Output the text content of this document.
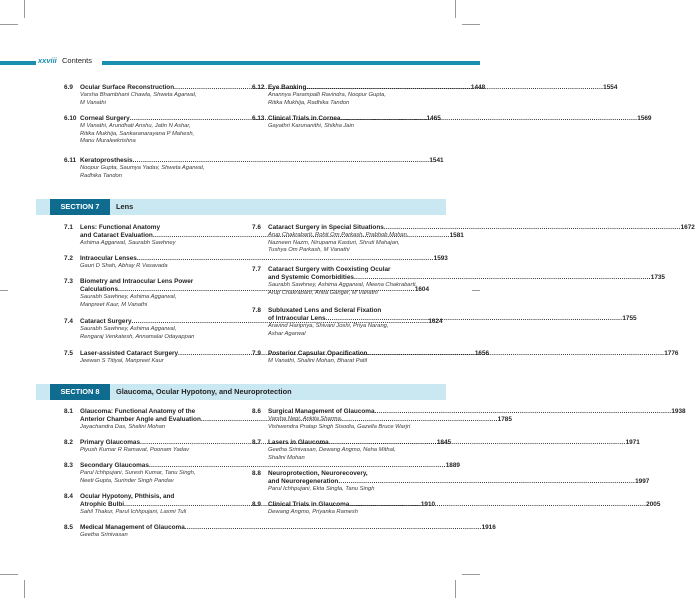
xxviii Contents
6.9	Ocular Surface Reconstruction .....	1448
Varsha Bhambhani Chawla, Shweta Agarwal,
M Vanathi
6.10 Corneal Surgery .....	1465
M Vanathi, Arundhati Anshu, Jatin N Ashar,
Ritika Mukhija, Sankaranarayana P Mahesh,
Manu Muraleekrishna
6.11 Keratoprosthesis .....	1541
Noopur Gupta, Saumya Yadav, Shweta Agarwal,
Radhika Tandon
6.12 Eye Banking .....	1554
Anannya Parampalli Ravindra, Noopur Gupta,
Ritika Mukhija, Radhika Tandon
6.13 Clinical Trials in Cornea .....	1569
Gayathri Karunanithi, Shikha Jain
SECTION 7	Lens
7.1	Lens: Functional Anatomy
and Cataract Evaluation .....	1581
Ashima Aggarwal, Saurabh Sawhney
7.2	Intraocular Lenses .....	1593
Gauri D Shah, Abhay R Vasavada
7.3	Biometry and Intraocular Lens Power
Calculations .....	1604
Saurabh Sawhney, Ashima Aggarwal,
Manpreet Kaur, M Vanathi
7.4	Cataract Surgery .....	1624
Saurabh Sawhney, Ashima Aggarwal,
Rengaraj Venkatesh, Annamalai Odayappan
7.5	Laser-assisted Cataract Surgery .....	1656
Jeewan S Titiyal, Manpreet Kaur
7.6	Cataract Surgery in Special Situations .....	1672
Arup Chakrabarti, Rohit Om Parkash, Prabhob Mohan,
Nazneen Nazm, Nirupama Kasturi, Shruti Mahajan,
Tushya Om Parkash, M Vanathi
7.7	Cataract Surgery with Coexisting Ocular
and Systemic Comorbidities .....	1735
Saurabh Sawhney, Ashima Aggarwal, Meena Chakrabarti,
Arup Chakrabarti, Anita Ganger, M Vanathi
7.8	Subluxated Lens and Scleral Fixation
of Intraocular Lens .....	1755
Aravind Haripriya, Shivani Joshi, Priya Narang,
Ashar Agarwal
7.9	Posterior Capsular Opacification .....	1776
M Vanathi, Shalini Mohan, Bharat Patil
SECTION 8	Glaucoma, Ocular Hypotony, and Neuroprotection
8.1	Glaucoma: Functional Anatomy of the
Anterior Chamber Angle and Evaluation .....	1785
Jayachandra Das, Shalini Mohan
8.2	Primary Glaucomas .....	1845
Piyush Kumar R Ramavat, Poonam Yadav
8.3	Secondary Glaucomas .....	1889
Parul Ichhpujani, Suresh Kumar, Tanu Singh,
Neeti Gupta, Surinder Singh Pandav
8.4	Ocular Hypotony, Phthisis, and
Atrophic Bulbi .....	1910
Sahil Thakur, Parul Ichhpujani, Laxmi Tuli
8.5	Medical Management of Glaucoma .....	1916
Geetha Srinivasan
8.6	Surgical Management of Glaucoma .....	1938
Varsha Negi, Ankita Sharma,
Vishwendra Pratap Singh Sisodia, Gazella Bruce Warjri
8.7	Lasers in Glaucoma .....	1971
Geetha Srinivasan, Dewang Angmo, Neha Mithal,
Shalini Mohan
8.8	Neuroprotection, Neurorecovery,
and Neuroregeneration .....	1997
Parul Ichhpujani, Ekta Singla, Tanu Singh
8.9	Clinical Trials in Glaucoma .....	2005
Dewang Angmo, Priyanka Ramesh
